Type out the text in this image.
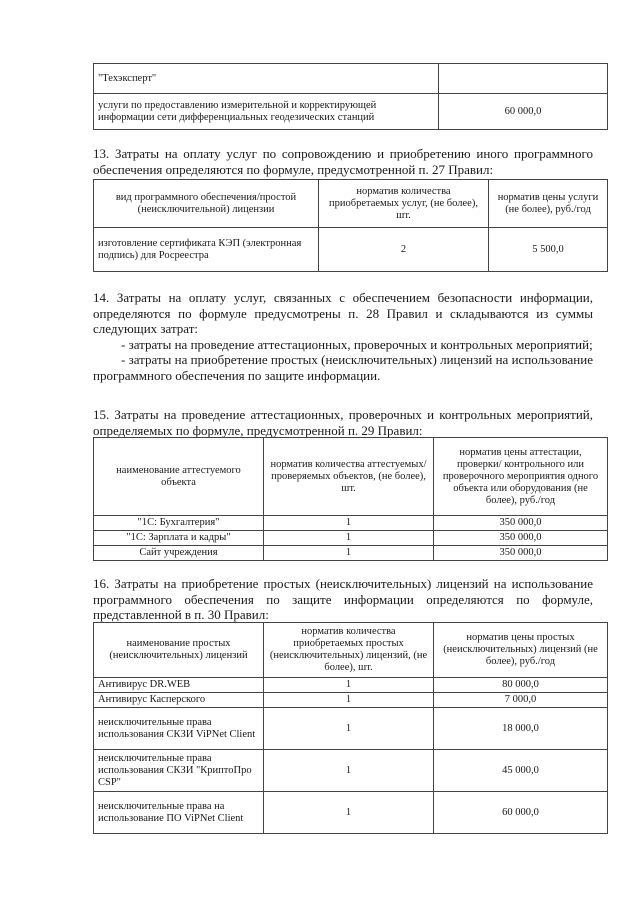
"Техэксперт"	
услуги по предоставлению измерительной и корректирующей информации сети дифференциальных геодезических станций	60 000,0

13. Затраты на оплату услуг по сопровождению и приобретению иного программного обеспечения определяются по формуле, предусмотренной п. 27 Правил:

вид программного обеспечения/простой (неисключительной) лицензии	норматив количества приобретаемых услуг, (не более), шт.	норматив цены услуги (не более), руб./год
изготовление сертификата КЭП (электронная подпись) для Росреестра	2	5 500,0

14. Затраты на оплату услуг, связанных с обеспечением безопасности информации, определяются по формуле предусмотрены п. 28 Правил и складываются из суммы следующих затрат:

- затраты на проведение аттестационных, проверочных и контрольных мероприятий;

- затраты на приобретение простых (неисключительных) лицензий на использование программного обеспечения по защите информации.

15. Затраты на проведение аттестационных, проверочных и контрольных мероприятий, определяемых по формуле, предусмотренной п. 29 Правил:

наименование аттестуемого объекта	норматив количества аттестуемых/ проверяемых объектов, (не более), шт.	норматив цены аттестации, проверки/ контрольного или проверочного мероприятия одного объекта или оборудования (не более), руб./год
"1С: Бухгалтерия"	1	350 000,0
"1С: Зарплата и кадры"	1	350 000,0
Сайт учреждения	1	350 000,0

16. Затраты на приобретение простых (неисключительных) лицензий на использование программного обеспечения по защите информации определяются по формуле, представленной в п. 30 Правил:

наименование простых (неисключительных) лицензий	норматив количества приобретаемых простых (неисключительных) лицензий, (не более), шт.	норматив цены простых (неисключительных) лицензий (не более), руб./год
Антивирус DR.WEB	1	80 000,0
Антивирус Касперского	1	7 000,0
неисключительные права использования СКЗИ ViPNet Client	1	18 000,0
неисключительные права использования СКЗИ "КриптоПро CSP"	1	45 000,0
неисключительные права на использование ПО ViPNet Client	1	60 000,0
